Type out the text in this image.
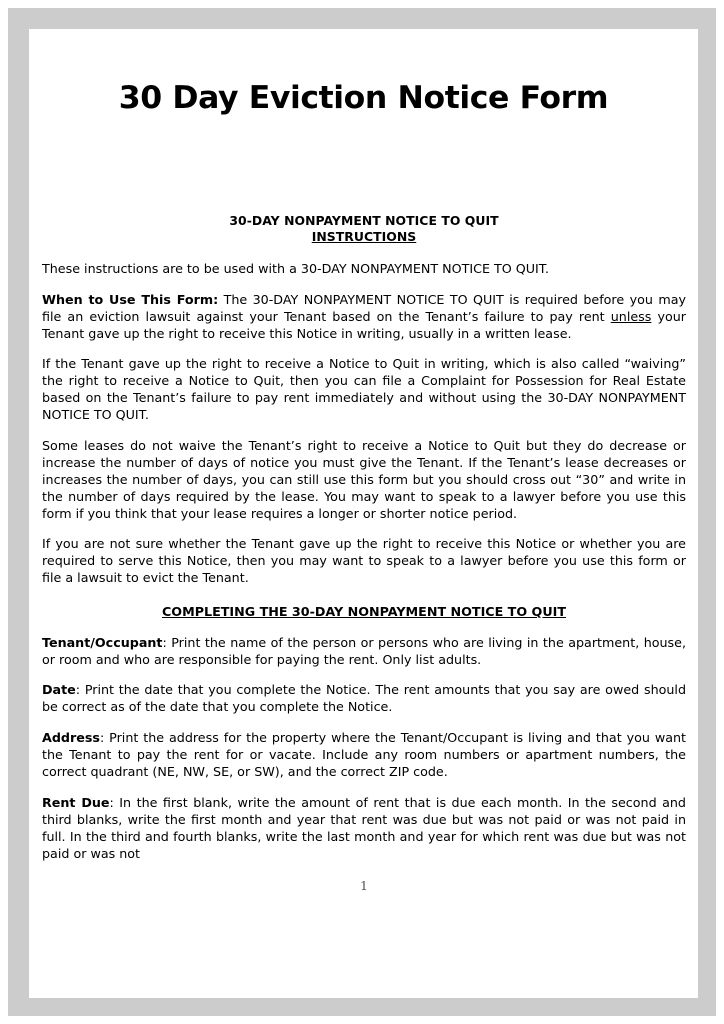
30 Day Eviction Notice Form
30-DAY NONPAYMENT NOTICE TO QUIT
INSTRUCTIONS

These instructions are to be used with a 30-DAY NONPAYMENT NOTICE TO QUIT.

When to Use This Form: The 30-DAY NONPAYMENT NOTICE TO QUIT is required before you may file an eviction lawsuit against your Tenant based on the Tenant’s failure to pay rent unless your Tenant gave up the right to receive this Notice in writing, usually in a written lease.

If the Tenant gave up the right to receive a Notice to Quit in writing, which is also called “waiving” the right to receive a Notice to Quit, then you can file a Complaint for Possession for Real Estate based on the Tenant’s failure to pay rent immediately and without using the 30-DAY NONPAYMENT NOTICE TO QUIT.

Some leases do not waive the Tenant’s right to receive a Notice to Quit but they do decrease or increase the number of days of notice you must give the Tenant. If the Tenant’s lease decreases or increases the number of days, you can still use this form but you should cross out “30” and write in the number of days required by the lease. You may want to speak to a lawyer before you use this form if you think that your lease requires a longer or shorter notice period.

If you are not sure whether the Tenant gave up the right to receive this Notice or whether you are required to serve this Notice, then you may want to speak to a lawyer before you use this form or file a lawsuit to evict the Tenant.

COMPLETING THE 30-DAY NONPAYMENT NOTICE TO QUIT

Tenant/Occupant: Print the name of the person or persons who are living in the apartment, house, or room and who are responsible for paying the rent. Only list adults.

Date: Print the date that you complete the Notice. The rent amounts that you say are owed should be correct as of the date that you complete the Notice.

Address: Print the address for the property where the Tenant/Occupant is living and that you want the Tenant to pay the rent for or vacate. Include any room numbers or apartment numbers, the correct quadrant (NE, NW, SE, or SW), and the correct ZIP code.

Rent Due: In the first blank, write the amount of rent that is due each month. In the second and third blanks, write the first month and year that rent was due but was not paid or was not paid in full. In the third and fourth blanks, write the last month and year for which rent was due but was not paid or was not

1
